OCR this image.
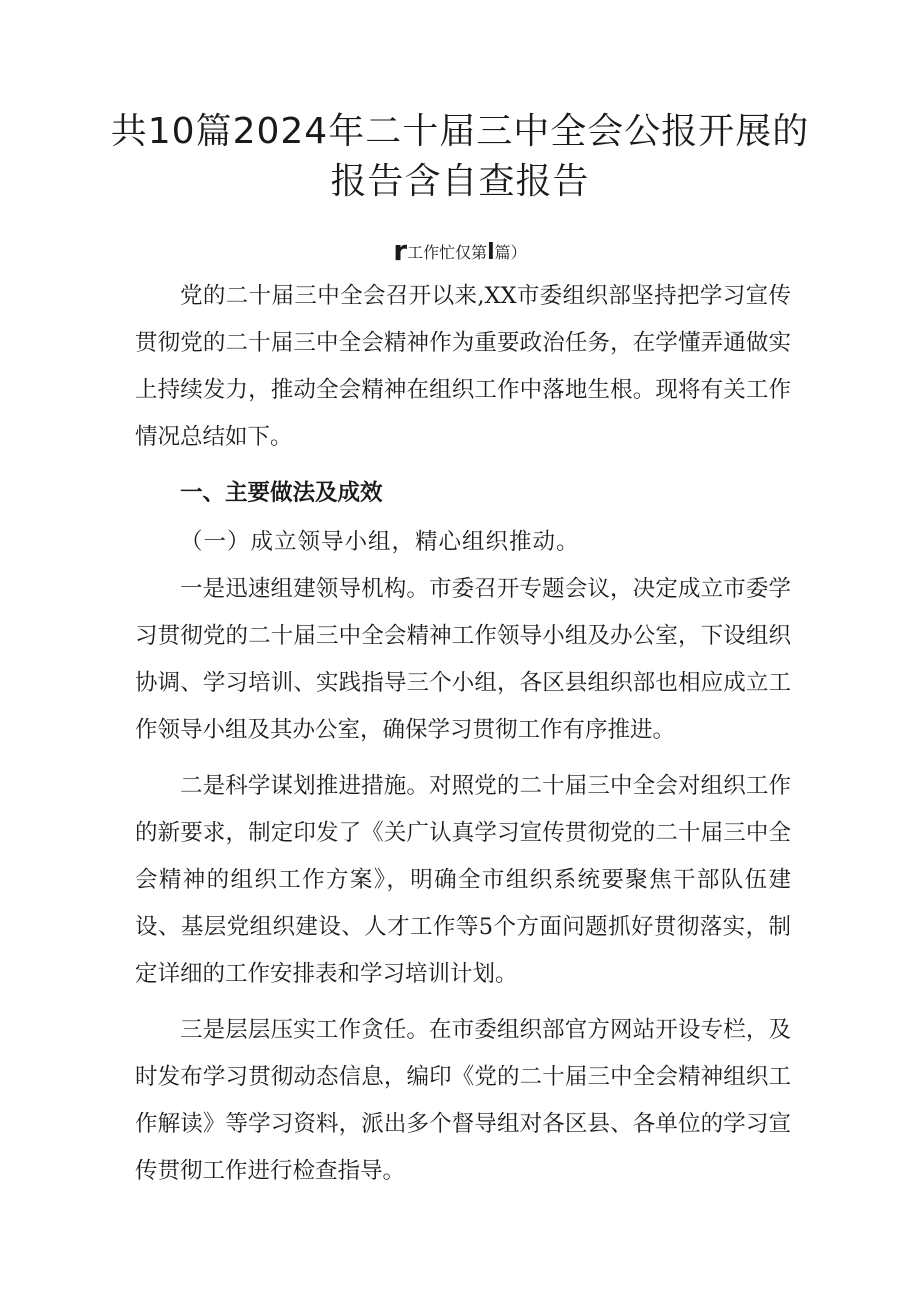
共10篇2024年二十届三中全会公报开展的
报告含自查报告
r工作忙仅第l篇）

党的二十届三中全会召开以来,XX市委组织部坚持把学习宣传贯彻党的二十届三中全会精神作为重要政治任务，在学懂弄通做实上持续发力，推动全会精神在组织工作中落地生根。现将有关工作情况总结如下。

一、主要做法及成效
（一）成立领导小组，精心组织推动。

一是迅速组建领导机构。市委召开专题会议，决定成立市委学习贯彻党的二十届三中全会精神工作领导小组及办公室，下设组织协调、学习培训、实践指导三个小组，各区县组织部也相应成立工作领导小组及其办公室，确保学习贯彻工作有序推进。

二是科学谋划推进措施。对照党的二十届三中全会对组织工作的新要求，制定印发了《关广认真学习宣传贯彻党的二十届三中全会精神的组织工作方案》，明确全市组织系统要聚焦干部队伍建设、基层党组织建设、人才工作等5个方面问题抓好贯彻落实，制定详细的工作安排表和学习培训计划。

三是层层压实工作贪任。在市委组织部官方网站开设专栏，及时发布学习贯彻动态信息，编印《党的二十届三中全会精神组织工作解读》等学习资料，派出多个督导组对各区县、各单位的学习宣传贯彻工作进行检查指导。
